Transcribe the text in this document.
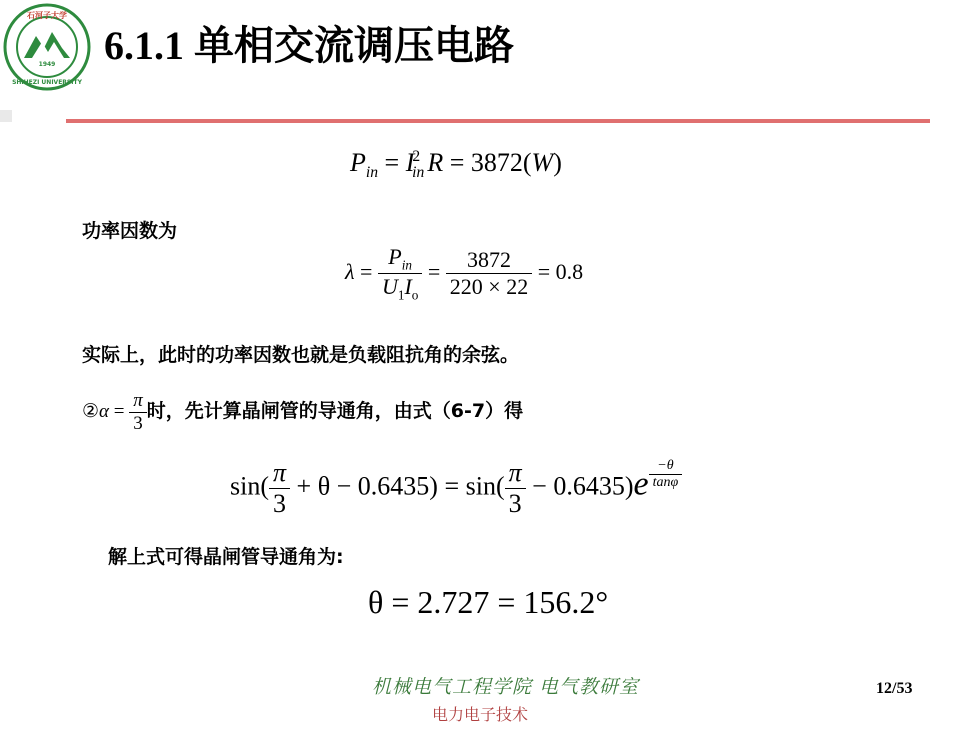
1949
石河子大学
SHIHEZI UNIVERSITY
6.1.1 单相交流调压电路
$P_{in} = I^2_{in}$ R = 3872(W)
功率因数为
$\lambda = \frac{P_{in}}{U_1I_o} = \frac{3872}{220 \times 22} = 0.8$
实际上，此时的功率因数也就是负载阻抗角的余弦。
②α = $\frac{\pi}{3}$ 时，先计算晶闸管的导通角，由式（6-7）得
$\sin( \frac{\pi}{3} + \theta - 0.6435) = \sin( \frac{\pi}{3} - 0.6435)e \frac{-\theta}{\tan\varphi}$
解上式可得晶闸管导通角为:
θ = 2.727 = 156.2°
机械电气工程学院 电气教研室
电力电子技术
12/53
